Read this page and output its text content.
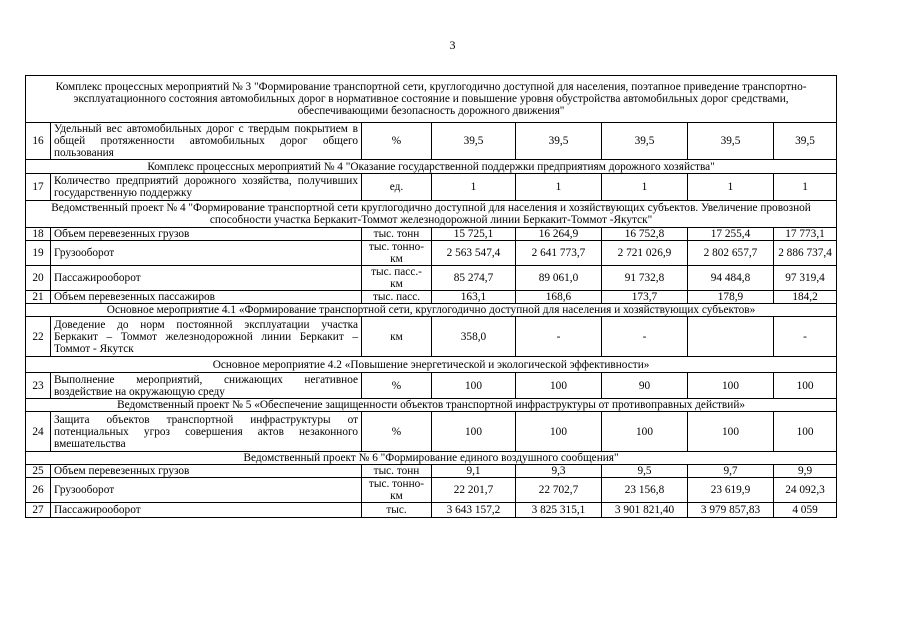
3
Комплекс процессных мероприятий № 3 "Формирование транспортной сети, круглогодично доступной для населения, поэтапное приведение транспортно-эксплуатационного состояния автомобильных дорог в нормативное состояние и повышение уровня обустройства автомобильных дорог средствами, обеспечивающими безопасность дорожного движения"							
16	Удельный вес автомобильных дорог с твердым покрытием в общей протяженности автомобильных дорог общего пользования	%	39,5	39,5	39,5	39,5	39,5
Комплекс процессных мероприятий № 4 "Оказание государственной поддержки предприятиям дорожного хозяйства"							
17	Количество предприятий дорожного хозяйства, получивших государственную поддержку	ед.	1	1	1	1	1
Ведомственный проект № 4 "Формирование транспортной сети круглогодично доступной для населения и хозяйствующих субъектов. Увеличение провозной способности участка Беркакит-Томмот железнодорожной линии Беркакит-Томмот -Якутск"							
18	Объем перевезенных грузов	тыс. тонн	15 725,1	16 264,9	16 752,8	17 255,4	17 773,1
19	Грузооборот	тыс. тонно-км	2 563 547,4	2 641 773,7	2 721 026,9	2 802 657,7	2 886 737,4
20	Пассажирооборот	тыс. пасс.-км	85 274,7	89 061,0	91 732,8	94 484,8	97 319,4
21	Объем перевезенных пассажиров	тыс. пасс.	163,1	168,6	173,7	178,9	184,2
Основное мероприятие 4.1 «Формирование транспортной сети, круглогодично доступной для населения и хозяйствующих субъектов»							
22	Доведение до норм постоянной эксплуатации участка Беркакит – Томмот железнодорожной линии Беркакит – Томмот - Якутск	км	358,0	-	-		-
Основное мероприятие 4.2 «Повышение энергетической и экологической эффективности»							
23	Выполнение мероприятий, снижающих негативное воздействие на окружающую среду	%	100	100	90	100	100
Ведомственный проект № 5 «Обеспечение защищенности объектов транспортной инфраструктуры от противоправных действий»							
24	Защита объектов транспортной инфраструктуры от потенциальных угроз совершения актов незаконного вмешательства	%	100	100	100	100	100
Ведомственный проект № 6 "Формирование единого воздушного сообщения"							
25	Объем перевезенных грузов	тыс. тонн	9,1	9,3	9,5	9,7	9,9
26	Грузооборот	тыс. тонно-км	22 201,7	22 702,7	23 156,8	23 619,9	24 092,3
27	Пассажирооборот	тыс.	3 643 157,2	3 825 315,1	3 901 821,40	3 979 857,83	4 059
